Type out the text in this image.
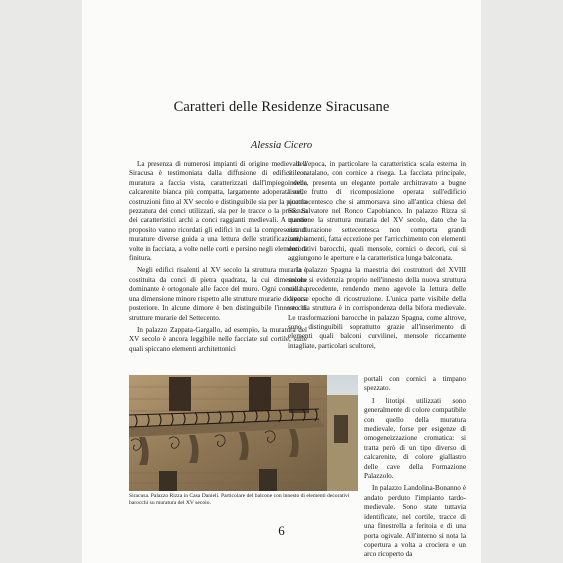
Caratteri delle Residenze Siracusane
Alessia Cicero

La presenza di numerosi impianti di origine medievale a Siracusa è testimoniata dalla diffusione di edifici con muratura a faccia vista, caratterizzati dall'impiego della calcarenite bianca più compatta, largamente adoperata nelle costruzioni fino al XV secolo e distinguibile sia per la piccola pezzatura dei conci utilizzati, sia per le tracce o la presenza dei caratteristici archi a conci raggianti medievali. A questo proposito vanno ricordati gli edifici in cui la compresenza di murature diverse guida a una lettura delle stratificazioni, a volte in facciata, a volte nelle corti e persino negli elementi di finitura.

Negli edifici risalenti al XV secolo la struttura muraria è costituita da conci di pietra quadrata, la cui dimensione dominante è ortogonale alle facce del muro. Ogni concio ha una dimensione minore rispetto alle strutture murarie di epoca posteriore. In alcune dimore è ben distinguibile l'innesto di strutture murarie del Settecento.

In palazzo Zappata-Gargallo, ad esempio, la muratura del XV secolo è ancora leggibile nelle facciate sul cortile, sulle quali spiccano elementi architettonici

dell'epoca, in particolare la caratteristica scala esterna in stile catalano, con cornice a risega. La facciata principale, invece, presenta un elegante portale architravato a bugne lisce, frutto di ricomposizione operata sull'edificio quattrocentesco che si ammorsava sino all'antica chiesa del SS. Salvatore nel Ronco Capobianco. In palazzo Rizza si mantiene la struttura muraria del XV secolo, dato che la ristrutturazione settecentesca non comporta grandi cambiamenti, fatta eccezione per l'arricchimento con elementi decorativi barocchi, quali mensole, cornici o decori, cui si aggiungono le aperture e la caratteristica lunga balconata.

In palazzo Spagna la maestria dei costruttori del XVIII secolo si evidenzia proprio nell'innesto della nuova struttura sulla precedente, rendendo meno agevole la lettura delle diverse epoche di ricostruzione. L'unica parte visibile della vecchia struttura è in corrispondenza della bifora medievale. Le trasformazioni barocche in palazzo Spagna, come altrove, sono distinguibili soprattutto grazie all'inserimento di elementi quali balconi curvilinei, mensole riccamente intagliate, particolari scultorei,

Siracusa. Palazzo Rizza in Casa Danieli. Particolare del balcone con innesto di elementi decorativi barocchi su muratura del XV secolo.

portali con cornici a timpano spezzato.

I litotipi utilizzati sono generalmente di colore compatibile con quello della muratura medievale, forse per esigenze di omogeneizzazione cromatica: si tratta però di un tipo diverso di calcarenite, di colore giallastro delle cave della Formazione Palazzolo.

In palazzo Landolina-Bonanno è andato perduto l'impianto tardo-medievale. Sono state tuttavia identificate, nel cortile, tracce di una finestrella a feritoia e di una porta ogivale. All'interno si nota la copertura a volta a crociera e un arco ricoperto da

6
